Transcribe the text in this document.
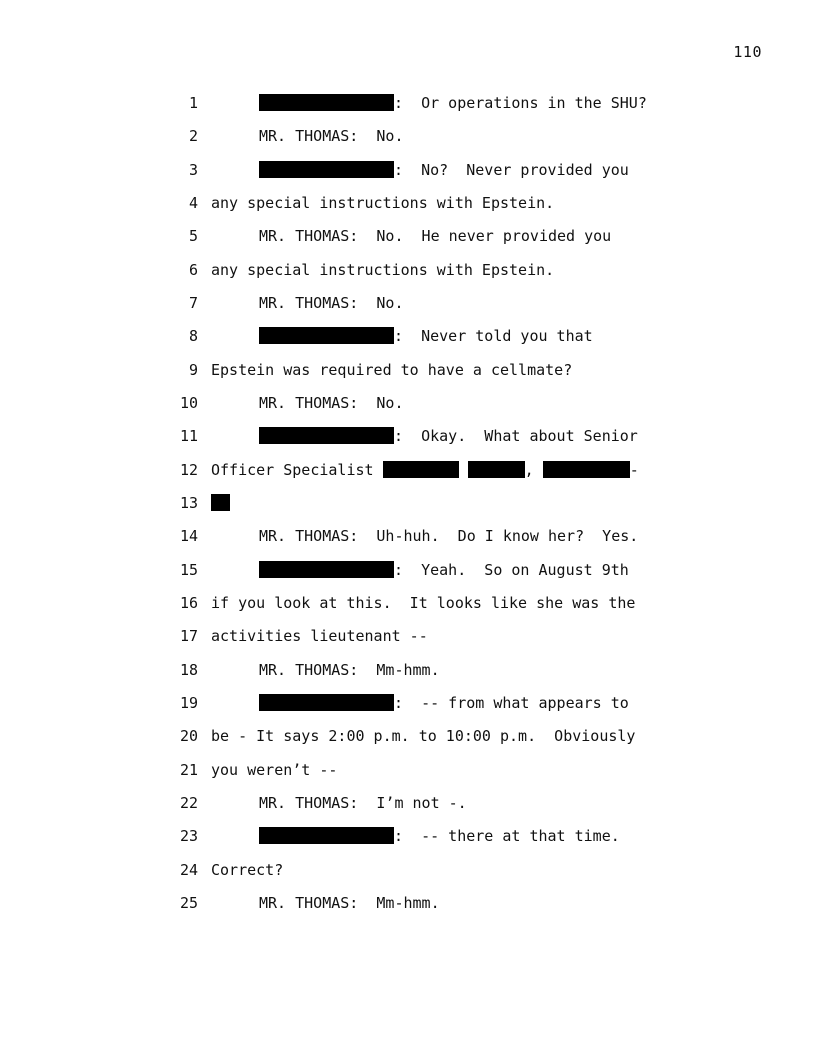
110

1

	:  Or operations in the SHU?

2

	MR. THOMAS:  No.

3

	:  No?  Never provided you

4

any special instructions with Epstein.

5

	MR. THOMAS:  No.  He never provided you

6

any special instructions with Epstein.

7

	MR. THOMAS:  No.

8

	:  Never told you that

9

Epstein was required to have a cellmate?

10

	MR. THOMAS:  No.

11

	:  Okay.  What about Senior

12

Officer Specialist	,	-

13

14

	MR. THOMAS:  Uh-huh.  Do I know her?  Yes.

15

	:  Yeah.  So on August 9th

16

if you look at this.  It looks like she was the

17

activities lieutenant --

18

	MR. THOMAS:  Mm-hmm.

19

	:  -- from what appears to

20

be - It says 2:00 p.m. to 10:00 p.m.  Obviously

21

you weren’t --

22

	MR. THOMAS:  I’m not -.

23

	:  -- there at that time.

24

Correct?

25

	MR. THOMAS:  Mm-hmm.
